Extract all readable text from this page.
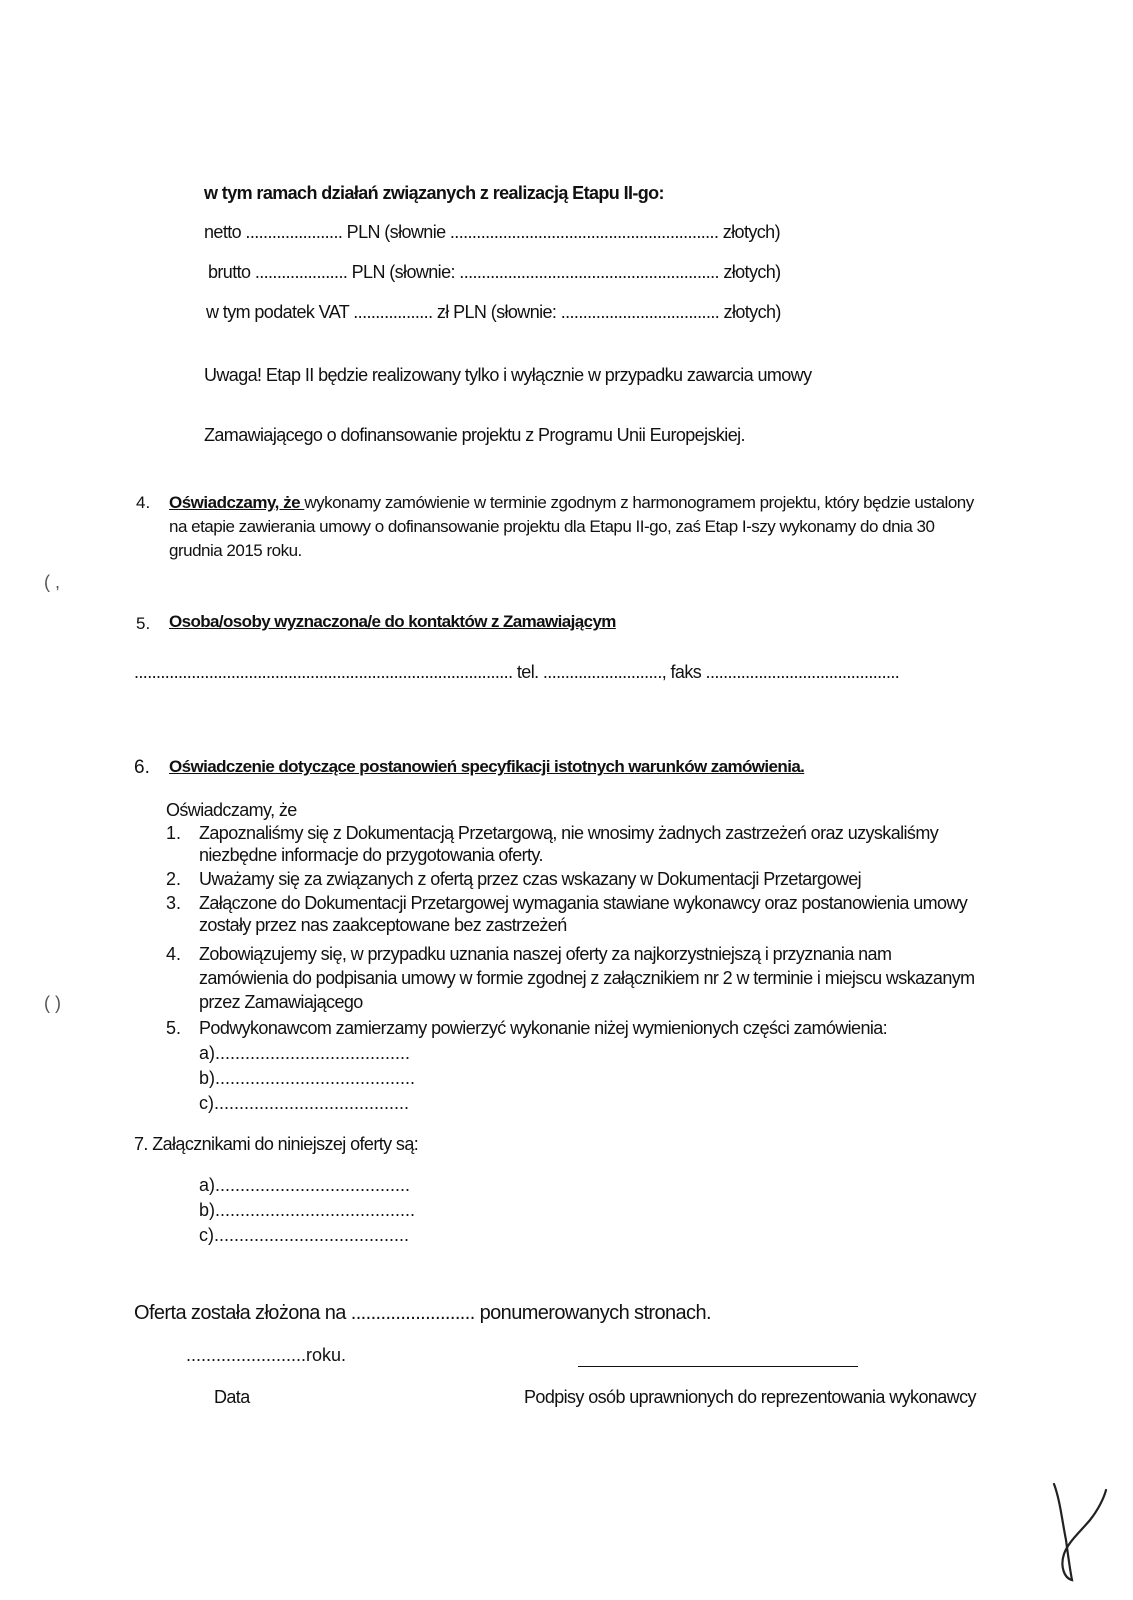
w tym ramach działań związanych z realizacją Etapu II-go:
netto ...................... PLN (słownie ............................................................. złotych)
brutto ..................... PLN (słownie: ........................................................... złotych)
w tym podatek VAT .................. zł PLN (słownie: .................................... złotych)
Uwaga! Etap II będzie realizowany tylko i wyłącznie w przypadku zawarcia umowy
Zamawiającego o dofinansowanie projektu z Programu Unii Europejskiej.
4. Oświadczamy, że wykonamy zamówienie w terminie zgodnym z harmonogramem projektu, który będzie ustalony na etapie zawierania umowy o dofinansowanie projektu dla Etapu II-go, zaś Etap I-szy wykonamy do dnia 30 grudnia 2015 roku.
( ,
5. Osoba/osoby wyznaczona/e do kontaktów z Zamawiającym
...................................................................................... tel. ..........................., faks ............................................
6. Oświadczenie dotyczące postanowień specyfikacji istotnych warunków zamówienia.
Oświadczamy, że
1. Zapoznaliśmy się z Dokumentacją Przetargową, nie wnosimy żadnych zastrzeżeń oraz uzyskaliśmy
niezbędne informacje do przygotowania oferty.
2. Uważamy się za związanych z ofertą przez czas wskazany w Dokumentacji Przetargowej
3. Załączone do Dokumentacji Przetargowej wymagania stawiane wykonawcy oraz postanowienia umowy
zostały przez nas zaakceptowane bez zastrzeżeń
4. Zobowiązujemy się, w przypadku uznania naszej oferty za najkorzystniejszą i przyznania nam
zamówienia do podpisania umowy w formie zgodnej z załącznikiem nr 2 w terminie i miejscu wskazanym
przez Zamawiającego
( )
5. Podwykonawcom zamierzamy powierzyć wykonanie niżej wymienionych części zamówienia:
a).......................................
b)........................................
c).......................................
7. Załącznikami do niniejszej oferty są:
a).......................................
b)........................................
c).......................................
Oferta została złożona na ......................... ponumerowanych stronach.
........................roku.
Data	Podpisy osób uprawnionych do reprezentowania wykonawcy
